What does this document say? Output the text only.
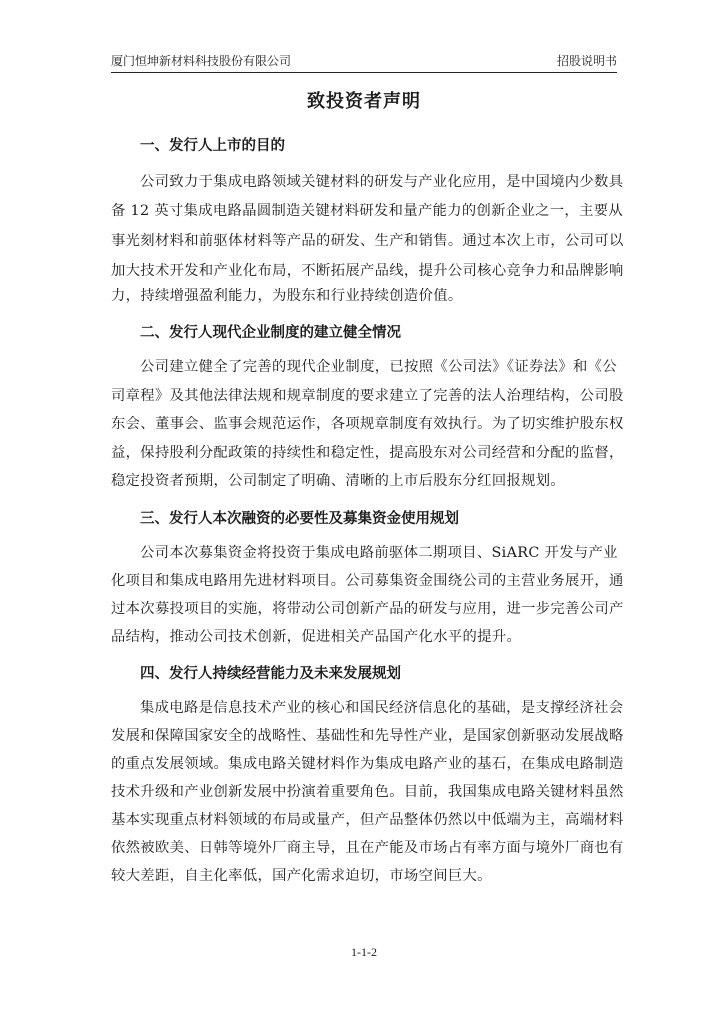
厦门恒坤新材料科技股份有限公司	招股说明书
致投资者声明
一、发行人上市的目的
公司致力于集成电路领域关键材料的研发与产业化应用，是中国境内少数具
备 12 英寸集成电路晶圆制造关键材料研发和量产能力的创新企业之一，主要从
事光刻材料和前驱体材料等产品的研发、生产和销售。通过本次上市，公司可以
加大技术开发和产业化布局，不断拓展产品线，提升公司核心竞争力和品牌影响
力，持续增强盈利能力，为股东和行业持续创造价值。
二、发行人现代企业制度的建立健全情况
公司建立健全了完善的现代企业制度，已按照《公司法》《证券法》和《公
司章程》及其他法律法规和规章制度的要求建立了完善的法人治理结构，公司股
东会、董事会、监事会规范运作，各项规章制度有效执行。为了切实维护股东权
益，保持股利分配政策的持续性和稳定性，提高股东对公司经营和分配的监督，
稳定投资者预期，公司制定了明确、清晰的上市后股东分红回报规划。
三、发行人本次融资的必要性及募集资金使用规划
公司本次募集资金将投资于集成电路前驱体二期项目、SiARC 开发与产业
化项目和集成电路用先进材料项目。公司募集资金围绕公司的主营业务展开，通
过本次募投项目的实施，将带动公司创新产品的研发与应用，进一步完善公司产
品结构，推动公司技术创新，促进相关产品国产化水平的提升。
四、发行人持续经营能力及未来发展规划
集成电路是信息技术产业的核心和国民经济信息化的基础，是支撑经济社会
发展和保障国家安全的战略性、基础性和先导性产业，是国家创新驱动发展战略
的重点发展领域。集成电路关键材料作为集成电路产业的基石，在集成电路制造
技术升级和产业创新发展中扮演着重要角色。目前，我国集成电路关键材料虽然
基本实现重点材料领域的布局或量产，但产品整体仍然以中低端为主，高端材料
依然被欧美、日韩等境外厂商主导，且在产能及市场占有率方面与境外厂商也有
较大差距，自主化率低，国产化需求迫切，市场空间巨大。
1-1-2
